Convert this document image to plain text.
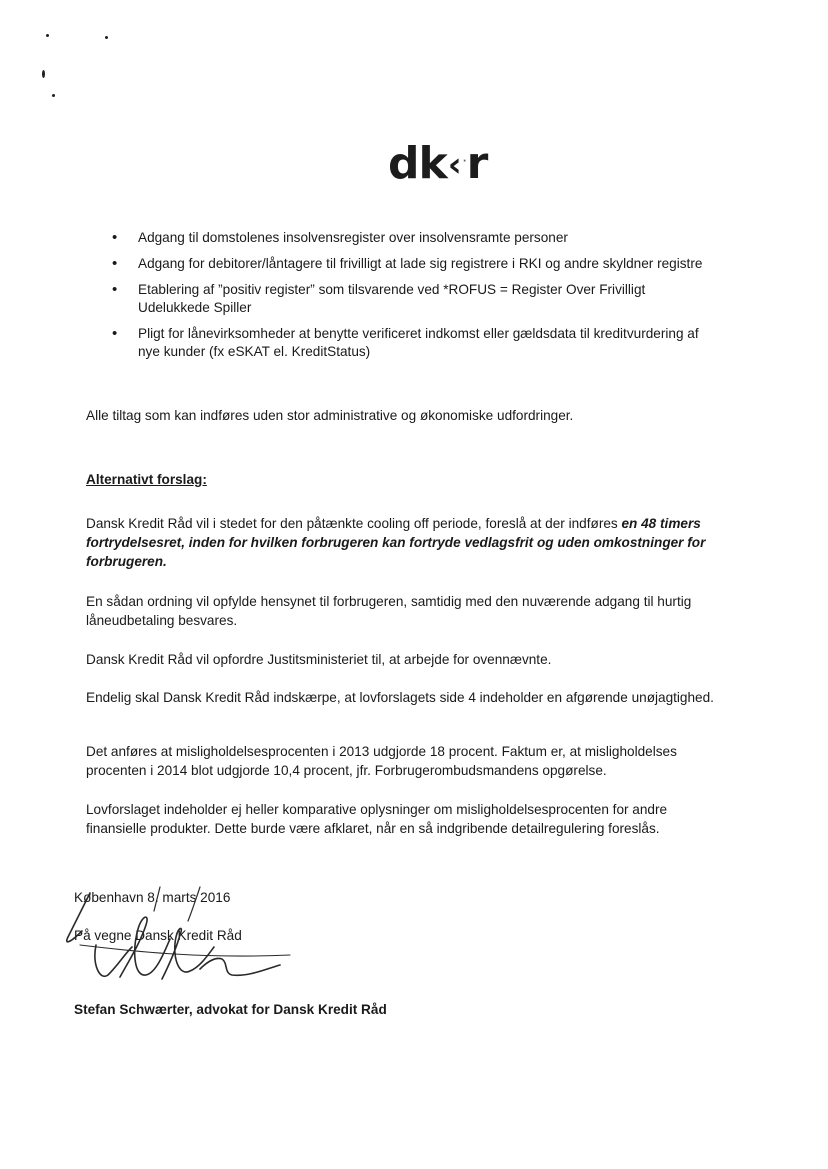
dk‹ ·r
• Adgang til domstolenes insolvensregister over insolvensramte personer
• Adgang for debitorer/låntagere til frivilligt at lade sig registrere i RKI og andre skyldner registre
• Etablering af ”positiv register” som tilsvarende ved *ROFUS = Register Over Frivilligt Udelukkede Spiller
• Pligt for lånevirksomheder at benytte verificeret indkomst eller gældsdata til kreditvurdering af nye kunder (fx eSKAT el. KreditStatus)
Alle tiltag som kan indføres uden stor administrative og økonomiske udfordringer.
Alternativt forslag:
Dansk Kredit Råd vil i stedet for den påtænkte cooling off periode, foreslå at der indføres en 48 timers fortrydelsesret, inden for hvilken forbrugeren kan fortryde vedlagsfrit og uden omkostninger for forbrugeren.
En sådan ordning vil opfylde hensynet til forbrugeren, samtidig med den nuværende adgang til hurtig låneudbetaling besvares.
Dansk Kredit Råd vil opfordre Justitsministeriet til, at arbejde for ovennævnte.
Endelig skal Dansk Kredit Råd indskærpe, at lovforslagets side 4 indeholder en afgørende unøjagtighed.
Det anføres at misligholdelsesprocenten i 2013 udgjorde 18 procent. Faktum er, at misligholdelses procenten i 2014 blot udgjorde 10,4 procent, jfr. Forbrugerombudsmandens opgørelse.
Lovforslaget indeholder ej heller komparative oplysninger om misligholdelsesprocenten for andre finansielle produkter. Dette burde være afklaret, når en så indgribende detailregulering foreslås.
København 8. marts 2016
På vegne Dansk Kredit Råd
Stefan Schwærter, advokat for Dansk Kredit Råd
